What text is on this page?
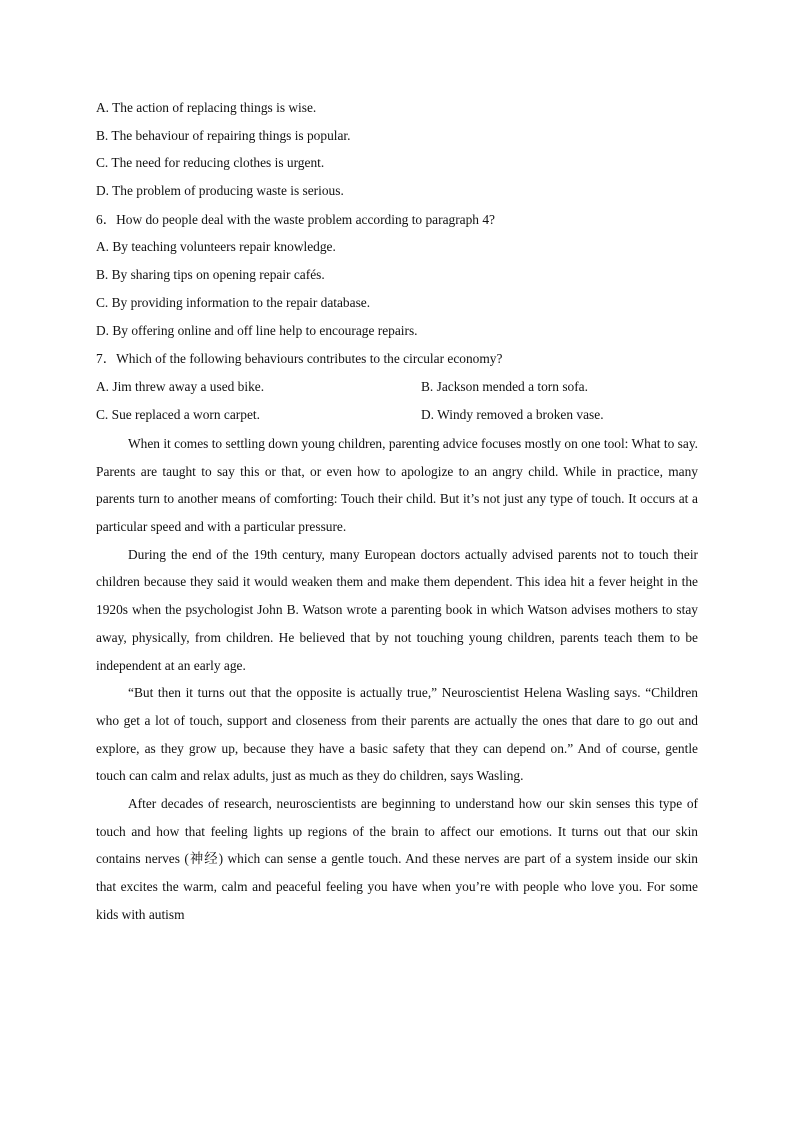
A. The action of replacing things is wise.
B. The behaviour of repairing things is popular.
C. The need for reducing clothes is urgent.
D. The problem of producing waste is serious.
6．How do people deal with the waste problem according to paragraph 4?
A. By teaching volunteers repair knowledge.
B. By sharing tips on opening repair cafés.
C. By providing information to the repair database.
D. By offering online and off line help to encourage repairs.
7．Which of the following behaviours contributes to the circular economy?
A. Jim threw away a used bike.	B. Jackson mended a torn sofa.
C. Sue replaced a worn carpet.	D. Windy removed a broken vase.

When it comes to settling down young children, parenting advice focuses mostly on one tool: What to say. Parents are taught to say this or that, or even how to apologize to an angry child. While in practice, many parents turn to another means of comforting: Touch their child. But it’s not just any type of touch. It occurs at a particular speed and with a particular pressure.

During the end of the 19th century, many European doctors actually advised parents not to touch their children because they said it would weaken them and make them dependent. This idea hit a fever height in the 1920s when the psychologist John B. Watson wrote a parenting book in which Watson advises mothers to stay away, physically, from children. He believed that by not touching young children, parents teach them to be independent at an early age.

“But then it turns out that the opposite is actually true,” Neuroscientist Helena Wasling says. “Children who get a lot of touch, support and closeness from their parents are actually the ones that dare to go out and explore, as they grow up, because they have a basic safety that they can depend on.” And of course, gentle touch can calm and relax adults, just as much as they do children, says Wasling.

After decades of research, neuroscientists are beginning to understand how our skin senses this type of touch and how that feeling lights up regions of the brain to affect our emotions. It turns out that our skin contains nerves (神经) which can sense a gentle touch. And these nerves are part of a system inside our skin that excites the warm, calm and peaceful feeling you have when you’re with people who love you. For some kids with autism
